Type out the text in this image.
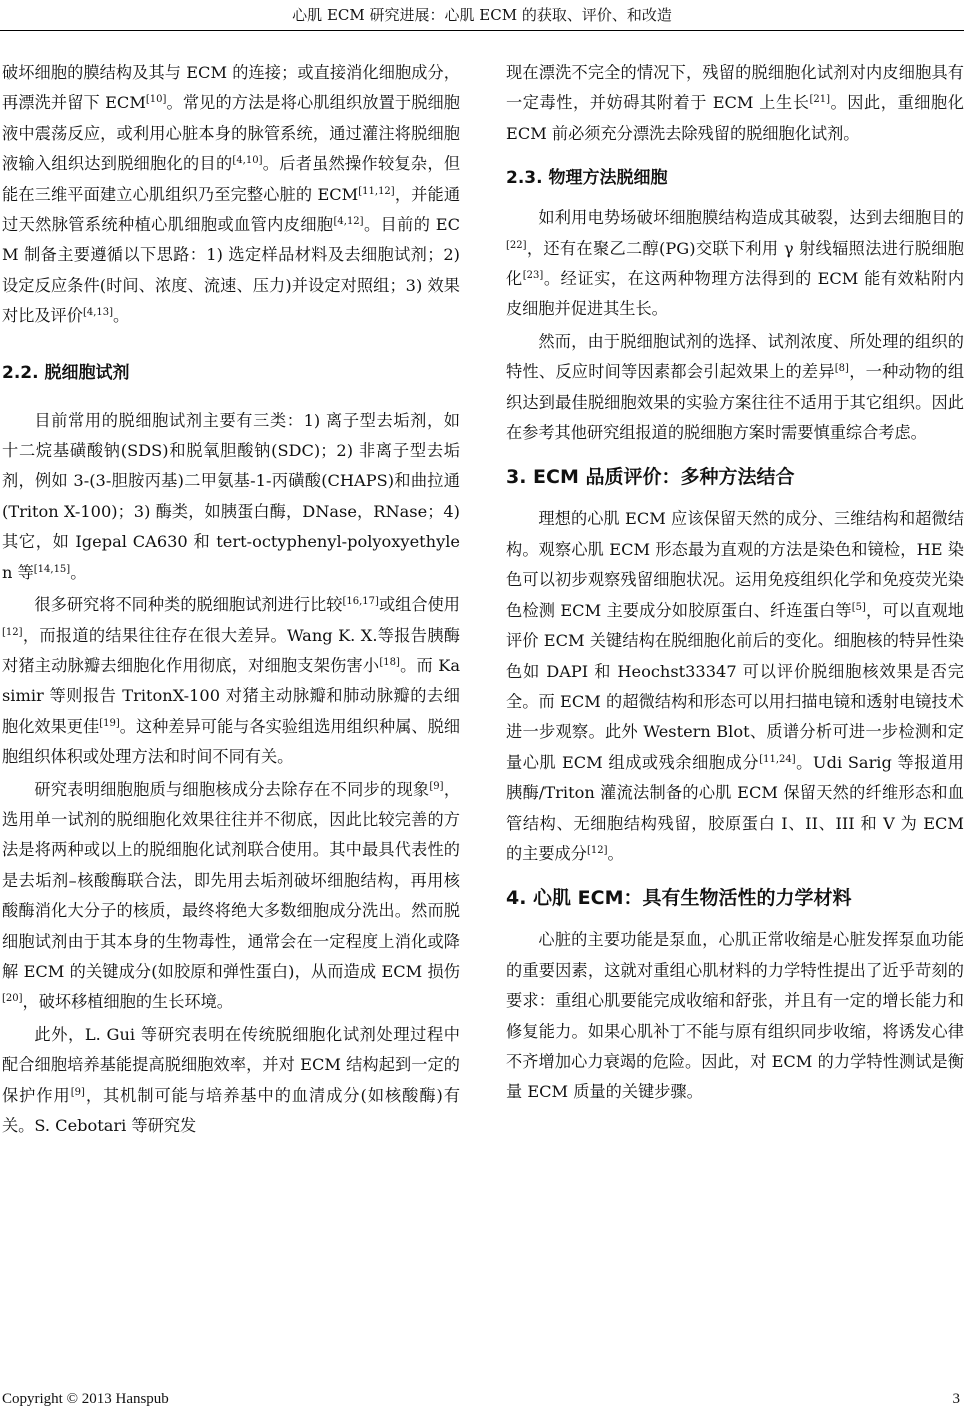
心肌 ECM 研究进展：心肌 ECM 的获取、评价、和改造

破坏细胞的膜结构及其与 ECM 的连接；或直接消化细胞成分，再漂洗并留下 ECM[10]。常见的方法是将心肌组织放置于脱细胞液中震荡反应，或利用心脏本身的脉管系统，通过灌注将脱细胞液输入组织达到脱细胞化的目的[4,10]。后者虽然操作较复杂，但能在三维平面建立心肌组织乃至完整心脏的 ECM[11,12]，并能通过天然脉管系统种植心肌细胞或血管内皮细胞[4,12]。目前的 ECM 制备主要遵循以下思路：1) 选定样品材料及去细胞试剂；2) 设定反应条件(时间、浓度、流速、压力)并设定对照组；3) 效果对比及评价[4,13]。

2.2. 脱细胞试剂

目前常用的脱细胞试剂主要有三类：1) 离子型去垢剂，如十二烷基磺酸钠(SDS)和脱氧胆酸钠(SDC)；2) 非离子型去垢剂，例如 3-(3-胆胺丙基)二甲氨基-1-丙磺酸(CHAPS)和曲拉通(Triton X-100)；3) 酶类，如胰蛋白酶，DNase，RNase；4) 其它，如 Igepal CA630 和 tert-octyphenyl-polyoxyethylen 等[14,15]。

很多研究将不同种类的脱细胞试剂进行比较[16,17]或组合使用[12]，而报道的结果往往存在很大差异。Wang K. X.等报告胰酶对猪主动脉瓣去细胞化作用彻底，对细胞支架伤害小[18]。而 Kasimir 等则报告 TritonX-100 对猪主动脉瓣和肺动脉瓣的去细胞化效果更佳[19]。这种差异可能与各实验组选用组织种属、脱细胞组织体积或处理方法和时间不同有关。

研究表明细胞胞质与细胞核成分去除存在不同步的现象[9]，选用单一试剂的脱细胞化效果往往并不彻底，因此比较完善的方法是将两种或以上的脱细胞化试剂联合使用。其中最具代表性的是去垢剂–核酸酶联合法，即先用去垢剂破坏细胞结构，再用核酸酶消化大分子的核质，最终将绝大多数细胞成分洗出。然而脱细胞试剂由于其本身的生物毒性，通常会在一定程度上消化或降解 ECM 的关键成分(如胶原和弹性蛋白)，从而造成 ECM 损伤[20]，破坏移植细胞的生长环境。

此外，L. Gui 等研究表明在传统脱细胞化试剂处理过程中配合细胞培养基能提高脱细胞效率，并对 ECM 结构起到一定的保护作用[9]，其机制可能与培养基中的血清成分(如核酸酶)有关。S. Cebotari 等研究发

现在漂洗不完全的情况下，残留的脱细胞化试剂对内皮细胞具有一定毒性，并妨碍其附着于 ECM 上生长[21]。因此，重细胞化 ECM 前必须充分漂洗去除残留的脱细胞化试剂。

2.3. 物理方法脱细胞

如利用电势场破坏细胞膜结构造成其破裂，达到去细胞目的[22]，还有在聚乙二醇(PG)交联下利用 γ 射线辐照法进行脱细胞化[23]。经证实，在这两种物理方法得到的 ECM 能有效粘附内皮细胞并促进其生长。

然而，由于脱细胞试剂的选择、试剂浓度、所处理的组织的特性、反应时间等因素都会引起效果上的差异[8]，一种动物的组织达到最佳脱细胞效果的实验方案往往不适用于其它组织。因此在参考其他研究组报道的脱细胞方案时需要慎重综合考虑。

3. ECM 品质评价：多种方法结合

理想的心肌 ECM 应该保留天然的成分、三维结构和超微结构。观察心肌 ECM 形态最为直观的方法是染色和镜检，HE 染色可以初步观察残留细胞状况。运用免疫组织化学和免疫荧光染色检测 ECM 主要成分如胶原蛋白、纤连蛋白等[5]，可以直观地评价 ECM 关键结构在脱细胞化前后的变化。细胞核的特异性染色如 DAPI 和 Heochst33347 可以评价脱细胞核效果是否完全。而 ECM 的超微结构和形态可以用扫描电镜和透射电镜技术进一步观察。此外 Western Blot、质谱分析可进一步检测和定量心肌 ECM 组成或残余细胞成分[11,24]。Udi Sarig 等报道用胰酶/Triton 灌流法制备的心肌 ECM 保留天然的纤维形态和血管结构、无细胞结构残留，胶原蛋白 I、II、III 和 V 为 ECM 的主要成分[12]。

4. 心肌 ECM：具有生物活性的力学材料

心脏的主要功能是泵血，心肌正常收缩是心脏发挥泵血功能的重要因素，这就对重组心肌材料的力学特性提出了近乎苛刻的要求：重组心肌要能完成收缩和舒张，并且有一定的增长能力和修复能力。如果心肌补丁不能与原有组织同步收缩，将诱发心律不齐增加心力衰竭的危险。因此，对 ECM 的力学特性测试是衡量 ECM 质量的关键步骤。

Copyright © 2013 Hanspub	3
